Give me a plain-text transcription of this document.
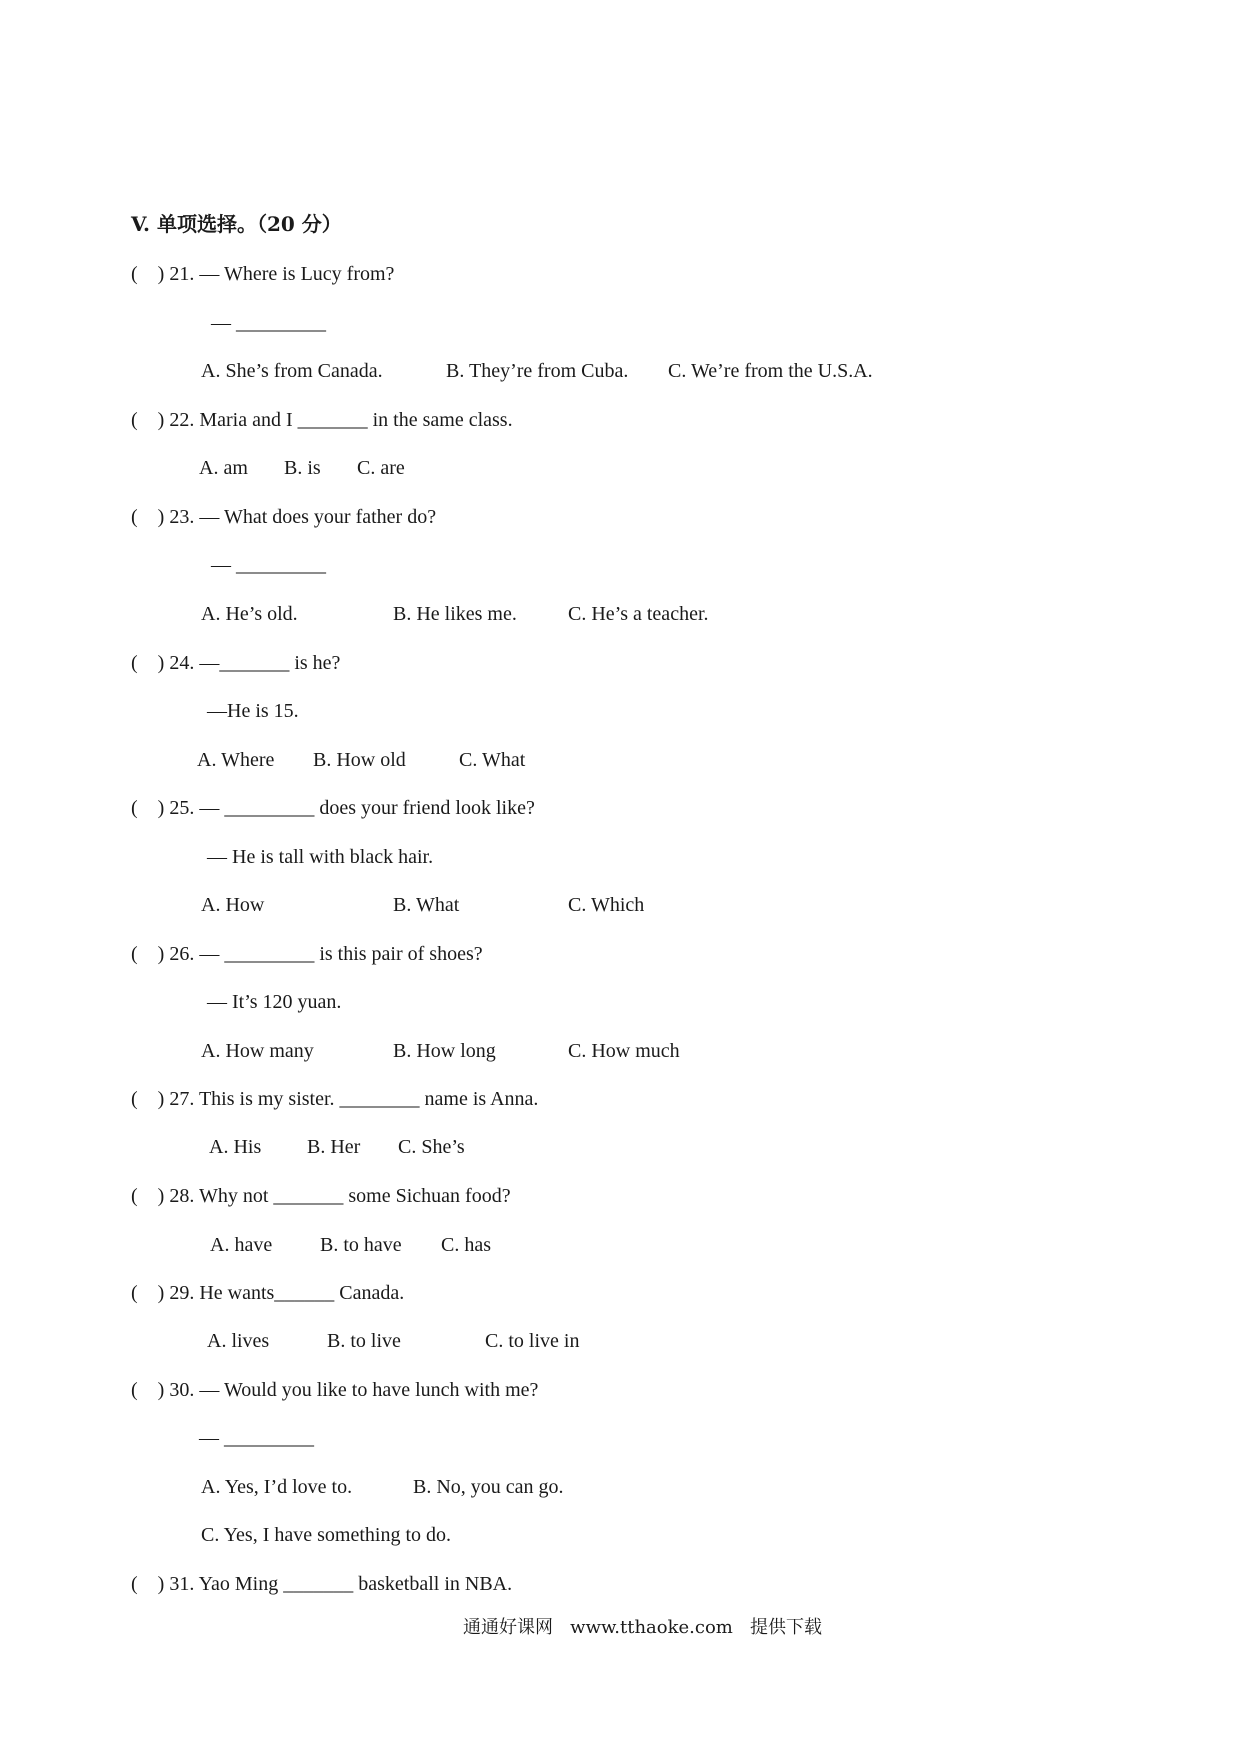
V. 单项选择。（20 分）
(    ) 21. — Where is Lucy from?
— _________
A. She’s from Canada.	B. They’re from Cuba. C. We’re from the U.S.A.
(    ) 22. Maria and I _______ in the same class.
A. am B. is C. are
(    ) 23. — What does your father do?
— _________
A. He’s old.	B. He likes me.	C. He’s a teacher.
(    ) 24. —_______ is he?
—He is 15.
A. Where B. How old	C. What
(    ) 25. — _________ does your friend look like?
— He is tall with black hair.
A. How	B. What	C. Which
(    ) 26. — _________ is this pair of shoes?
— It’s 120 yuan.
A. How many	B. How long	C. How much
(    ) 27. This is my sister. ________ name is Anna.
A. His B. Her C. She’s
(    ) 28. Why not _______ some Sichuan food?
A. have B. to have C. has
(    ) 29. He wants______ Canada.
A. lives	B. to live	C. to live in
(    ) 30. — Would you like to have lunch with me?
— _________
A. Yes, I’d love to.	B. No, you can go.
C. Yes, I have something to do.
(    ) 31. Yao Ming _______ basketball in NBA.
通通好课网   www.tthaoke.com   提供下载
